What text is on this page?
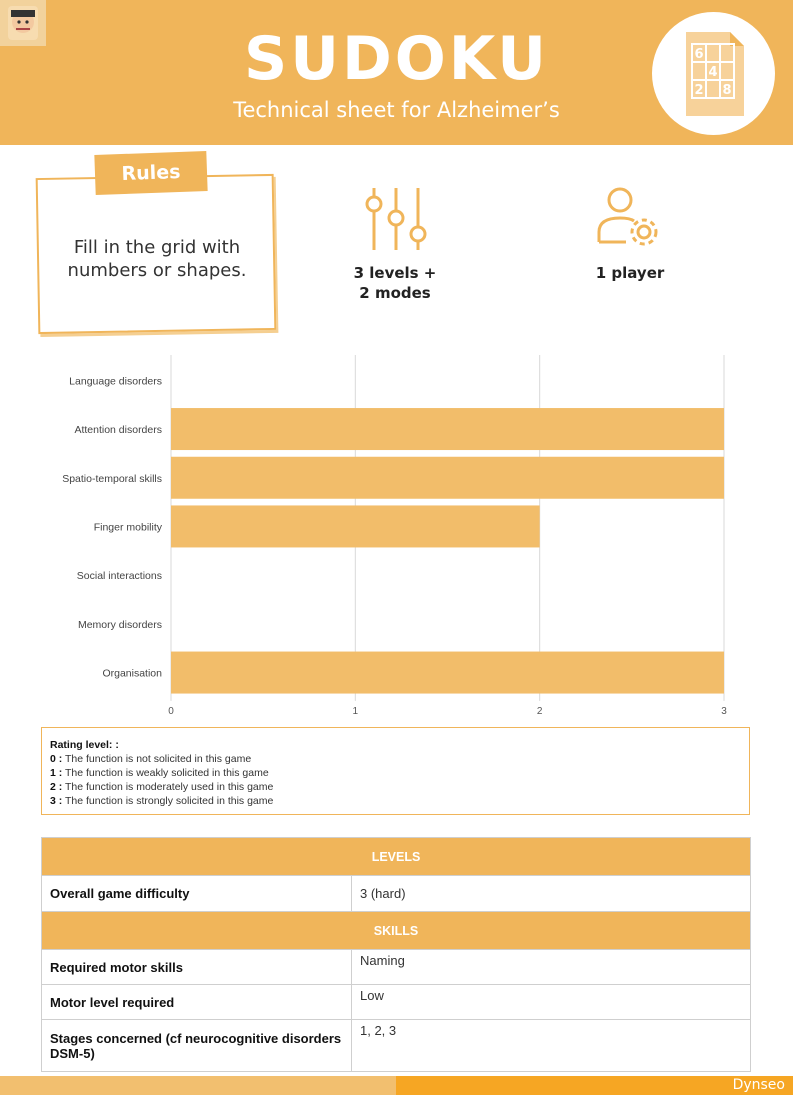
SUDOKU
Technical sheet for Alzheimer’s
6
4
2 8
Rules
Fill in the grid with numbers or shapes.	3 levels +
2 modes
1 player
Language disorders
Attention disorders
Spatio-temporal skills
Finger mobility
Social interactions
Memory disorders
Organisation
0	1	2	3
Rating level: :
0 : The function is not solicited in this game
1 : The function is weakly solicited in this game
2 : The function is moderately used in this game
3 : The function is strongly solicited in this game
LEVELS	
Overall game difficulty	3 (hard)
SKILLS	
Required motor skills	Naming
Motor level required	Low
Stages concerned (cf neurocognitive disorders DSM-5)	1, 2, 3
Dynseo
